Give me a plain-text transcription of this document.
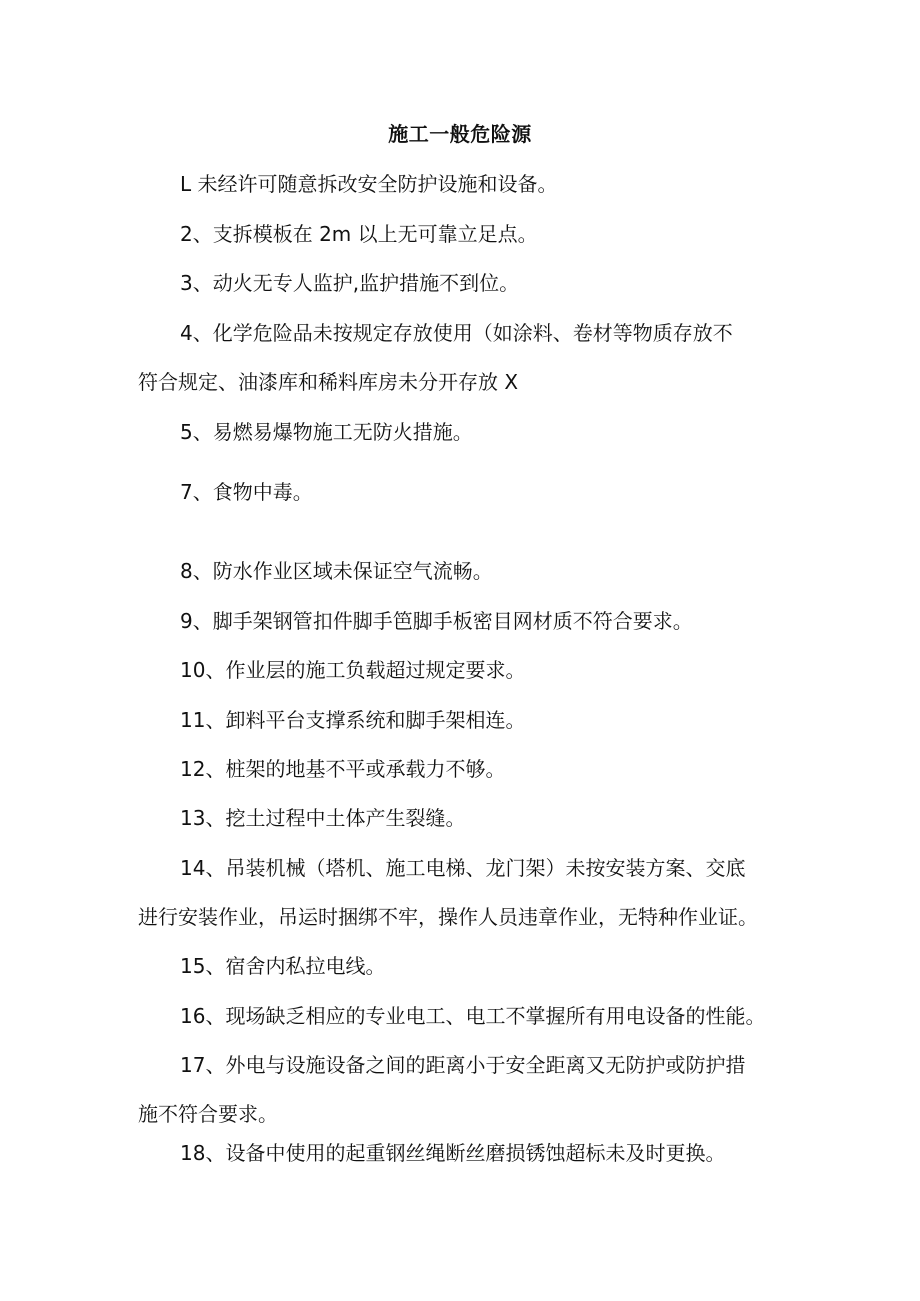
施工一般危险源
L 未经许可随意拆改安全防护设施和设备。
2、支拆模板在 2m 以上无可靠立足点。
3、动火无专人监护,监护措施不到位。
4、化学危险品未按规定存放使用（如涂料、卷材等物质存放不
符合规定、油漆库和稀料库房未分开存放 X
5、易燃易爆物施工无防火措施。
7、食物中毒。
8、防水作业区域未保证空气流畅。
9、脚手架钢管扣件脚手笆脚手板密目网材质不符合要求。
10、作业层的施工负载超过规定要求。
11、卸料平台支撑系统和脚手架相连。
12、桩架的地基不平或承载力不够。
13、挖土过程中土体产生裂缝。
14、吊装机械（塔机、施工电梯、龙门架）未按安装方案、交底
进行安装作业，吊运时捆绑不牢，操作人员违章作业，无特种作业证。
15、宿舍内私拉电线。
16、现场缺乏相应的专业电工、电工不掌握所有用电设备的性能。
17、外电与设施设备之间的距离小于安全距离又无防护或防护措
施不符合要求。
18、设备中使用的起重钢丝绳断丝磨损锈蚀超标未及时更换。
